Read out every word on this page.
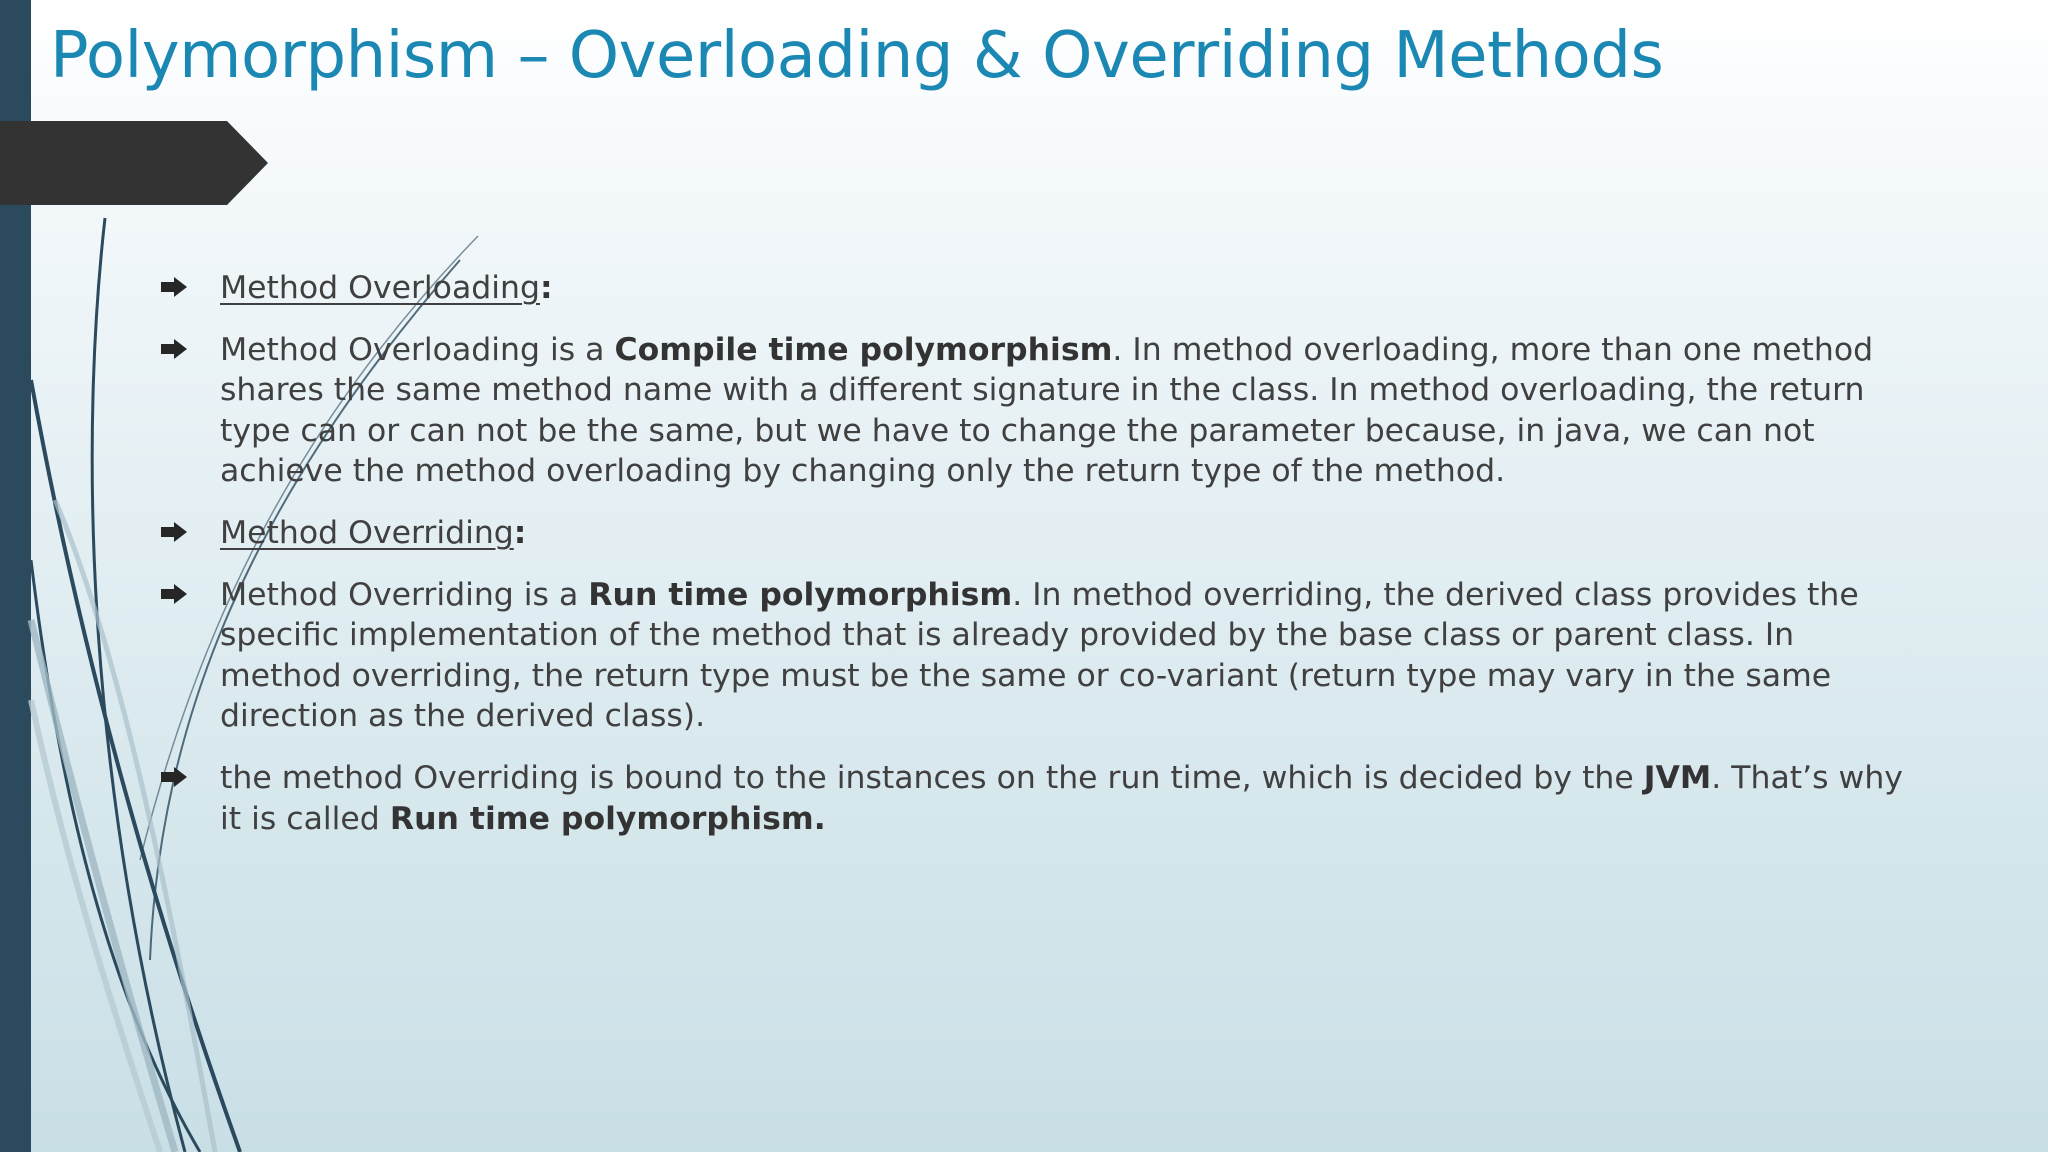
Polymorphism – Overloading & Overriding Methods
Method Overloading:
Method Overloading is a Compile time polymorphism. In method overloading, more than one method shares the same method name with a different signature in the class. In method overloading, the return type can or can not be the same, but we have to change the parameter because, in java, we can not achieve the method overloading by changing only the return type of the method.
Method Overriding:
Method Overriding is a Run time polymorphism. In method overriding, the derived class provides the specific implementation of the method that is already provided by the base class or parent class. In method overriding, the return type must be the same or co-variant (return type may vary in the same direction as the derived class).
the method Overriding is bound to the instances on the run time, which is decided by the JVM. That’s why it is called Run time polymorphism.
